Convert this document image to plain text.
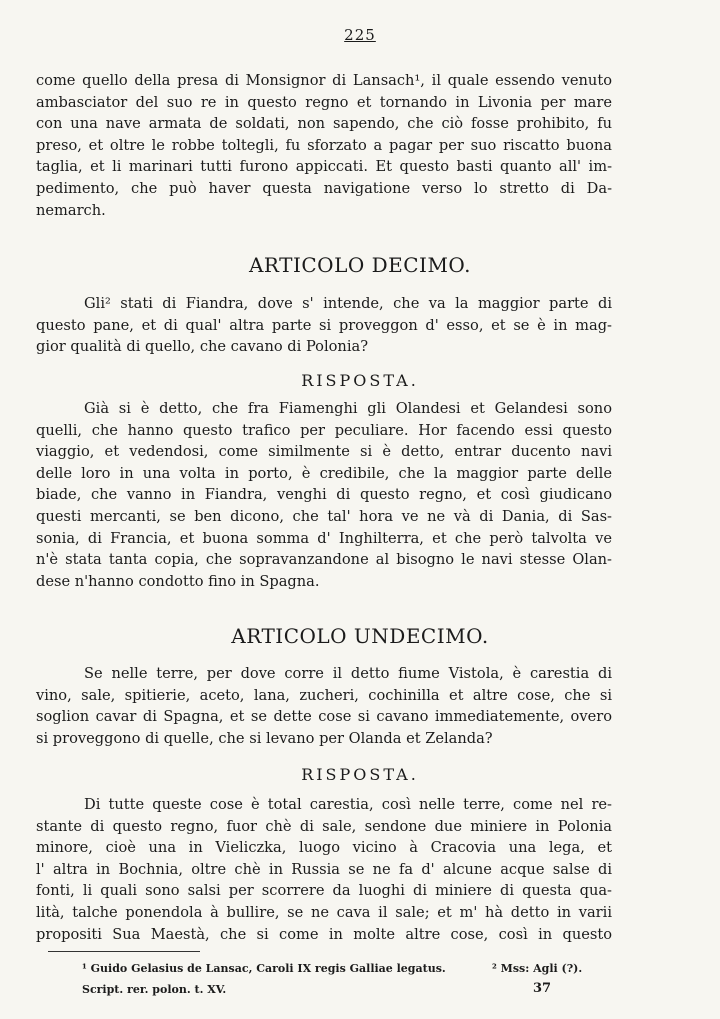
225
come quello della presa di Monsignor di Lansach¹, il quale essendo venuto
ambasciator del suo re in questo regno et tornando in Livonia per mare
con una nave armata de soldati, non sapendo, che ciò fosse prohibito, fu
preso, et oltre le robbe toltegli, fu sforzato a pagar per suo riscatto buona
taglia, et li marinari tutti furono appiccati. Et questo basti quanto all' im-
pedimento, che può haver questa navigatione verso lo stretto di Da-
nemarch.
ARTICOLO DECIMO.
Gli² stati di Fiandra, dove s' intende, che va la maggior parte di
questo pane, et di qual' altra parte si proveggon d' esso, et se è in mag-
gior qualità di quello, che cavano di Polonia?
RISPOSTA.
Già si è detto, che fra Fiamenghi gli Olandesi et Gelandesi sono
quelli, che hanno questo trafico per peculiare. Hor facendo essi questo
viaggio, et vedendosi, come similmente si è detto, entrar ducento navi
delle loro in una volta in porto, è credibile, che la maggior parte delle
biade, che vanno in Fiandra, venghi di questo regno, et così giudicano
questi mercanti, se ben dicono, che tal' hora ve ne và di Dania, di Sas-
sonia, di Francia, et buona somma d' Inghilterra, et che però talvolta ve
n'è stata tanta copia, che sopravanzandone al bisogno le navi stesse Olan-
dese n'hanno condotto fino in Spagna.
ARTICOLO UNDECIMO.
Se nelle terre, per dove corre il detto fiume Vistola, è carestia di
vino, sale, spitierie, aceto, lana, zucheri, cochinilla et altre cose, che si
soglion cavar di Spagna, et se dette cose si cavano immediatemente, overo
si proveggono di quelle, che si levano per Olanda et Zelanda?
RISPOSTA.
Di tutte queste cose è total carestia, così nelle terre, come nel re-
stante di questo regno, fuor chè di sale, sendone due miniere in Polonia
minore, cioè una in Vieliczka, luogo vicino à Cracovia una lega, et
l' altra in Bochnia, oltre chè in Russia se ne fa d' alcune acque salse di
fonti, li quali sono salsi per scorrere da luoghi di miniere di questa qua-
lità, talche ponendola à bullire, se ne cava il sale; et m' hà detto in varii
propositi Sua Maestà, che si come in molte altre cose, così in questo
¹ Guido Gelasius de Lansac, Caroli IX regis Galliae legatus.	² Mss: Agli (?).
Script. rer. polon. t. XV.	37
